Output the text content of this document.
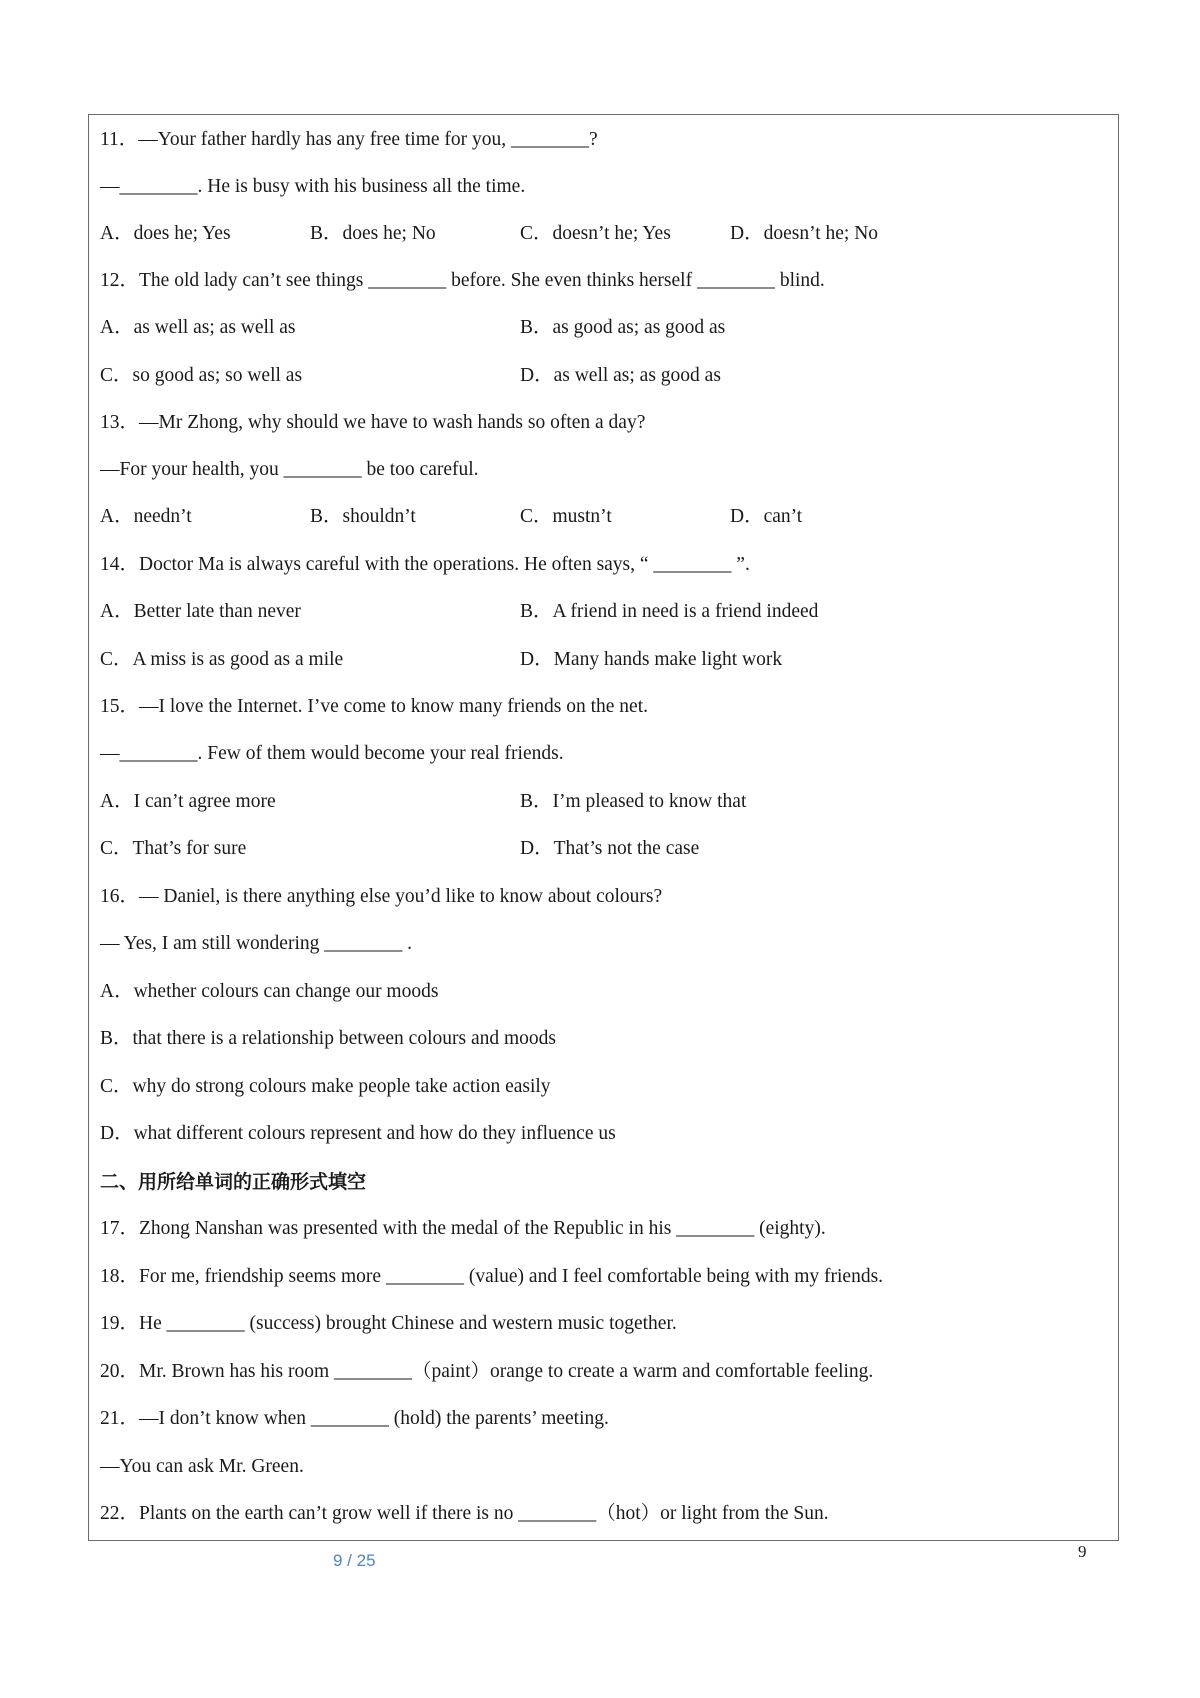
11．—Your father hardly has any free time for you, ________?
—________. He is busy with his business all the time.
A．does he; Yes	B．does he; No	C．doesn’t he; Yes	D．doesn’t he; No
12．The old lady can’t see things ________ before. She even thinks herself ________ blind.
A．as well as; as well as	B．as good as; as good as
C．so good as; so well as	D．as well as; as good as
13．—Mr Zhong, why should we have to wash hands so often a day?
—For your health, you ________ be too careful.
A．needn’t	B．shouldn’t	C．mustn’t	D．can’t
14．Doctor Ma is always careful with the operations. He often says, “ ________ ”.
A．Better late than never	B．A friend in need is a friend indeed
C．A miss is as good as a mile	D．Many hands make light work
15．—I love the Internet. I’ve come to know many friends on the net.
—________. Few of them would become your real friends.
A．I can’t agree more	B．I’m pleased to know that
C．That’s for sure	D．That’s not the case
16．— Daniel, is there anything else you’d like to know about colours?
— Yes, I am still wondering ________ .
A．whether colours can change our moods
B．that there is a relationship between colours and moods
C．why do strong colours make people take action easily
D．what different colours represent and how do they influence us
二、用所给单词的正确形式填空
17．Zhong Nanshan was presented with the medal of the Republic in his ________ (eighty).
18．For me, friendship seems more ________ (value) and I feel comfortable being with my friends.
19．He ________ (success) brought Chinese and western music together.
20．Mr. Brown has his room ________（paint）orange to create a warm and comfortable feeling.
21．—I don’t know when ________ (hold) the parents’ meeting.
—You can ask Mr. Green.
22．Plants on the earth can’t grow well if there is no ________（hot）or light from the Sun.
9 / 25	9
